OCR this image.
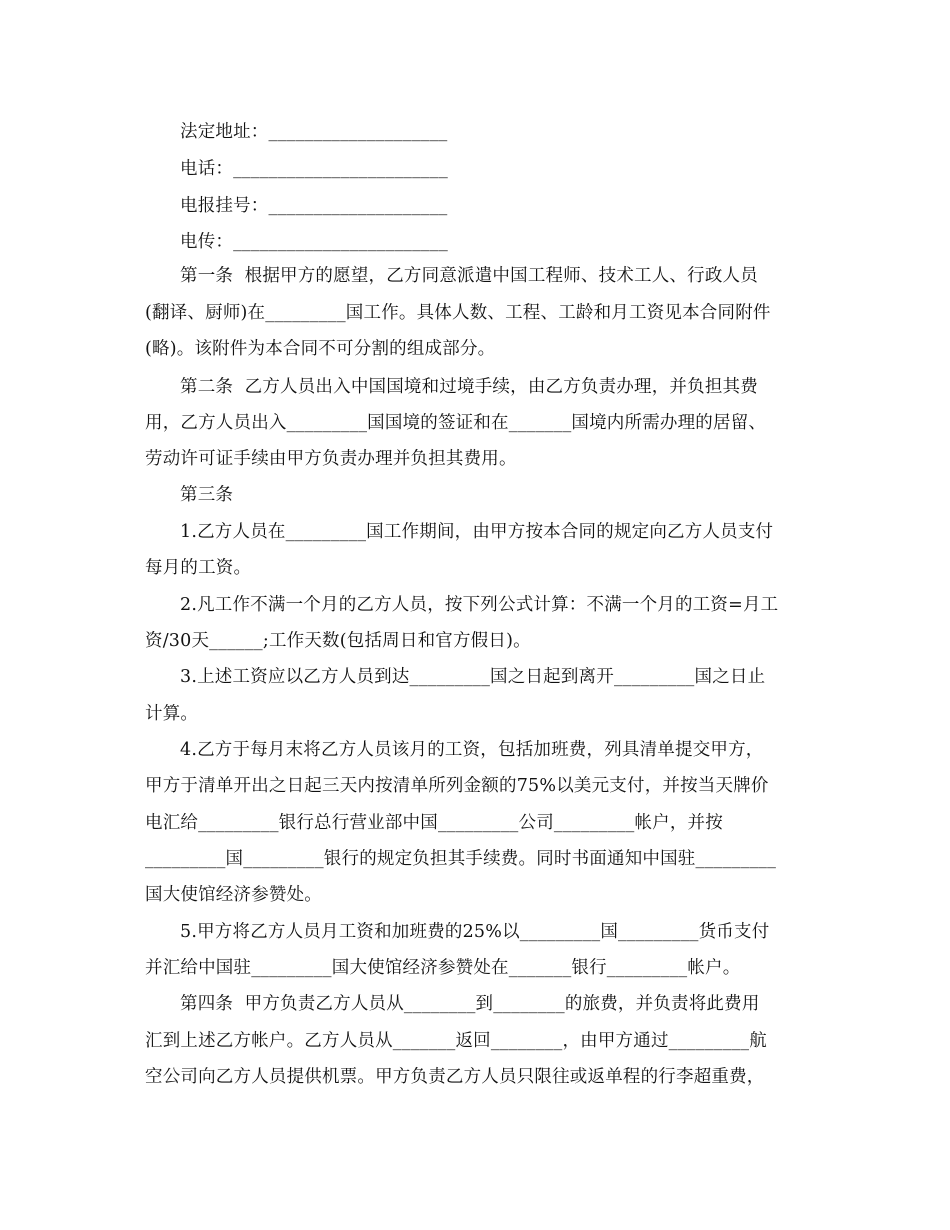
法定地址：____________________
电话：________________________
电报挂号：____________________
电传：________________________
第一条  根据甲方的愿望，乙方同意派遣中国工程师、技术工人、行政人员
(翻译、厨师)在_________国工作。具体人数、工程、工龄和月工资见本合同附件
(略)。该附件为本合同不可分割的组成部分。
第二条  乙方人员出入中国国境和过境手续，由乙方负责办理，并负担其费
用，乙方人员出入_________国国境的签证和在_______国境内所需办理的居留、
劳动许可证手续由甲方负责办理并负担其费用。
第三条
1.乙方人员在_________国工作期间，由甲方按本合同的规定向乙方人员支付
每月的工资。
2.凡工作不满一个月的乙方人员，按下列公式计算：不满一个月的工资=月工
资/30天______;工作天数(包括周日和官方假日)。
3.上述工资应以乙方人员到达_________国之日起到离开_________国之日止
计算。
4.乙方于每月末将乙方人员该月的工资，包括加班费，列具清单提交甲方，
甲方于清单开出之日起三天内按清单所列金额的75%以美元支付，并按当天牌价
电汇给_________银行总行营业部中国_________公司_________帐户，并按
_________国_________银行的规定负担其手续费。同时书面通知中国驻_________
国大使馆经济参赞处。
5.甲方将乙方人员月工资和加班费的25%以_________国_________货币支付
并汇给中国驻_________国大使馆经济参赞处在_______银行_________帐户。
第四条  甲方负责乙方人员从________到________的旅费，并负责将此费用
汇到上述乙方帐户。乙方人员从_______返回________，由甲方通过_________航
空公司向乙方人员提供机票。甲方负责乙方人员只限往或返单程的行李超重费，
